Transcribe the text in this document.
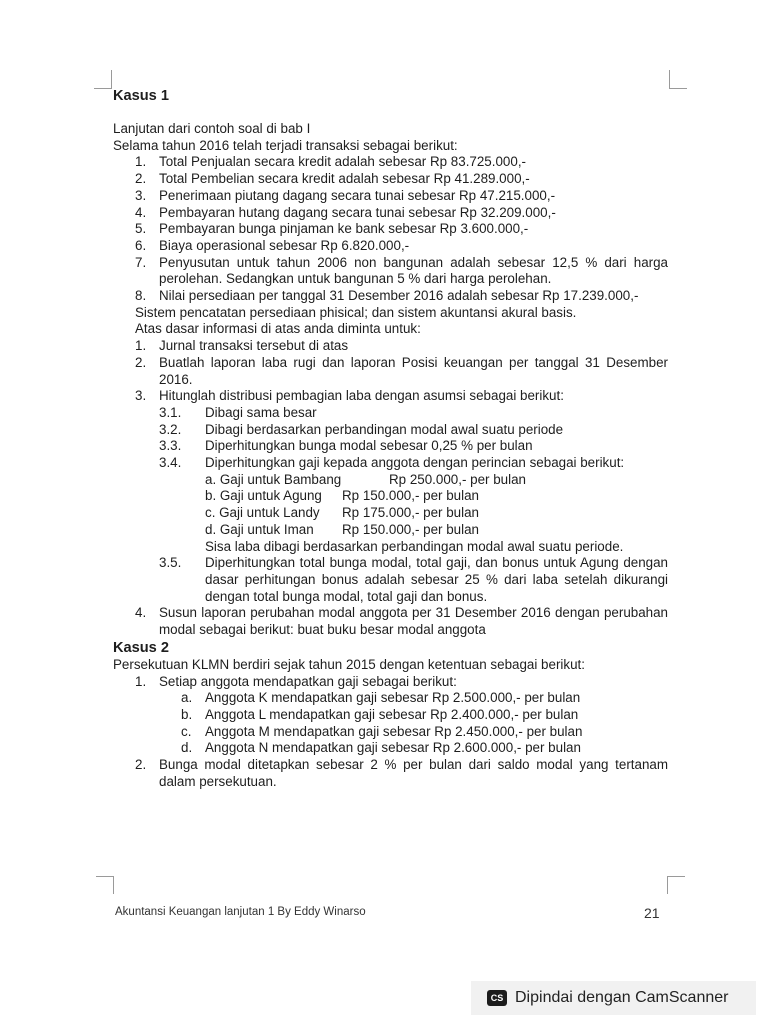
Kasus 1
Lanjutan dari contoh soal di bab I
Selama tahun 2016 telah terjadi transaksi sebagai berikut:
1. Total Penjualan secara kredit adalah sebesar Rp 83.725.000,-
2. Total Pembelian secara kredit adalah sebesar Rp 41.289.000,-
3. Penerimaan piutang dagang secara tunai sebesar Rp 47.215.000,-
4. Pembayaran hutang dagang secara tunai sebesar Rp 32.209.000,-
5. Pembayaran bunga pinjaman ke bank sebesar Rp 3.600.000,-
6. Biaya operasional sebesar Rp 6.820.000,-
7. Penyusutan untuk tahun 2006 non bangunan adalah sebesar 12,5 % dari harga perolehan. Sedangkan untuk bangunan 5 % dari harga perolehan.
8. Nilai persediaan per tanggal 31 Desember 2016 adalah sebesar Rp 17.239.000,-
Sistem pencatatan persediaan phisical; dan sistem akuntansi akural basis.
Atas dasar informasi di atas anda diminta untuk:
1. Jurnal transaksi tersebut di atas
2. Buatlah laporan laba rugi dan laporan Posisi keuangan per tanggal 31 Desember 2016.
3. Hitunglah distribusi pembagian laba dengan asumsi sebagai berikut:
3.1. Dibagi sama besar
3.2. Dibagi berdasarkan perbandingan modal awal suatu periode
3.3. Diperhitungkan bunga modal sebesar 0,25 % per bulan
3.4. Diperhitungkan gaji kepada anggota dengan perincian sebagai berikut:
a. Gaji untuk Bambang	Rp 250.000,- per bulan
b. Gaji untuk Agung Rp 150.000,- per bulan
c. Gaji untuk Landy Rp 175.000,- per bulan
d. Gaji untuk Iman Rp 150.000,- per bulan
Sisa laba dibagi berdasarkan perbandingan modal awal suatu periode.
3.5. Diperhitungkan total bunga modal, total gaji, dan bonus untuk Agung dengan dasar perhitungan bonus adalah sebesar 25 % dari laba setelah dikurangi dengan total bunga modal, total gaji dan bonus.
4. Susun laporan perubahan modal anggota per 31 Desember 2016 dengan perubahan modal sebagai berikut: buat buku besar modal anggota
Kasus 2
Persekutuan KLMN berdiri sejak tahun 2015 dengan ketentuan sebagai berikut:
1. Setiap anggota mendapatkan gaji sebagai berikut:
a. Anggota K mendapatkan gaji sebesar Rp 2.500.000,- per bulan
b. Anggota L mendapatkan gaji sebesar Rp 2.400.000,- per bulan
c. Anggota M mendapatkan gaji sebesar Rp 2.450.000,- per bulan
d. Anggota N mendapatkan gaji sebesar Rp 2.600.000,- per bulan
2. Bunga modal ditetapkan sebesar 2 % per bulan dari saldo modal yang tertanam dalam persekutuan.
Akuntansi Keuangan lanjutan 1 By Eddy Winarso	21
CS Dipindai dengan CamScanner
